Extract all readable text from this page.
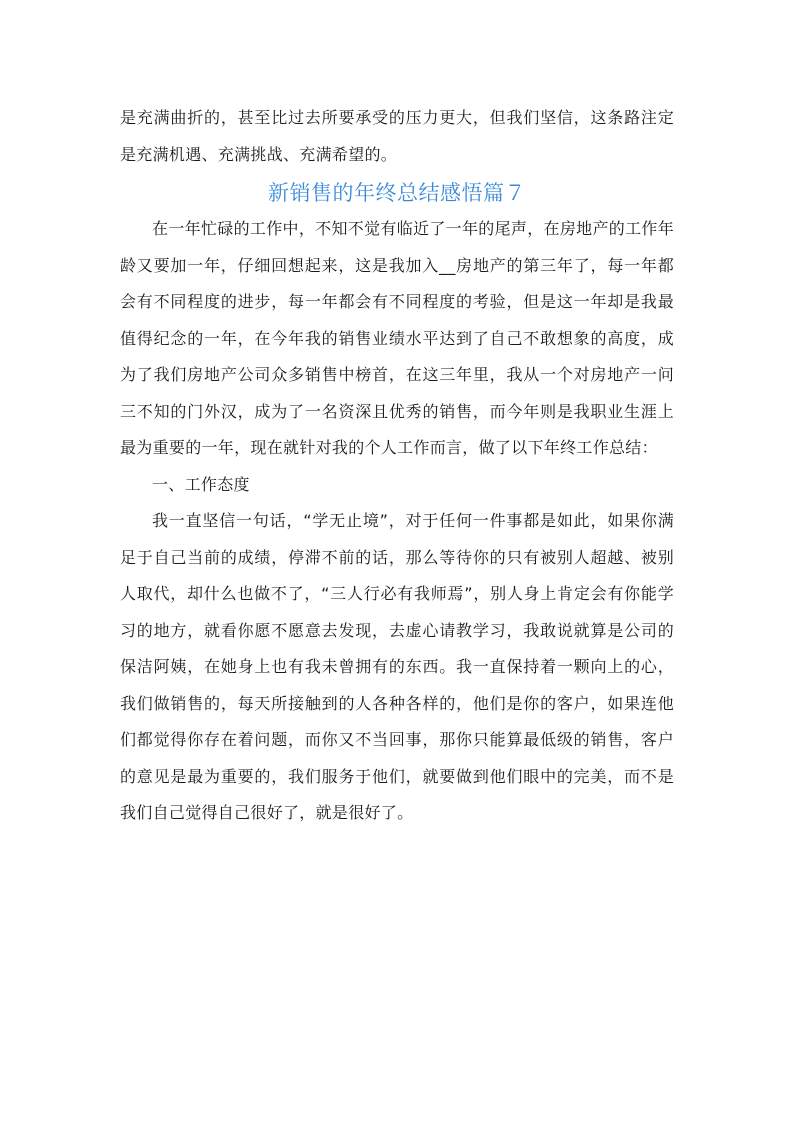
是充满曲折的，甚至比过去所要承受的压力更大，但我们坚信，这条路注定是充满机遇、充满挑战、充满希望的。

新销售的年终总结感悟篇７

在一年忙碌的工作中，不知不觉有临近了一年的尾声，在房地产的工作年龄又要加一年，仔细回想起来，这是我加入__房地产的第三年了，每一年都会有不同程度的进步，每一年都会有不同程度的考验，但是这一年却是我最值得纪念的一年，在今年我的销售业绩水平达到了自己不敢想象的高度，成为了我们房地产公司众多销售中榜首，在这三年里，我从一个对房地产一问三不知的门外汉，成为了一名资深且优秀的销售，而今年则是我职业生涯上最为重要的一年，现在就针对我的个人工作而言，做了以下年终工作总结：

一、工作态度

我一直坚信一句话，“学无止境”，对于任何一件事都是如此，如果你满足于自己当前的成绩，停滞不前的话，那么等待你的只有被别人超越、被别人取代，却什么也做不了，“三人行必有我师焉”，别人身上肯定会有你能学习的地方，就看你愿不愿意去发现，去虚心请教学习，我敢说就算是公司的保洁阿姨，在她身上也有我未曾拥有的东西。我一直保持着一颗向上的心，我们做销售的，每天所接触到的人各种各样的，他们是你的客户，如果连他们都觉得你存在着问题，而你又不当回事，那你只能算最低级的销售，客户的意见是最为重要的，我们服务于他们，就要做到他们眼中的完美，而不是我们自己觉得自己很好了，就是很好了。
